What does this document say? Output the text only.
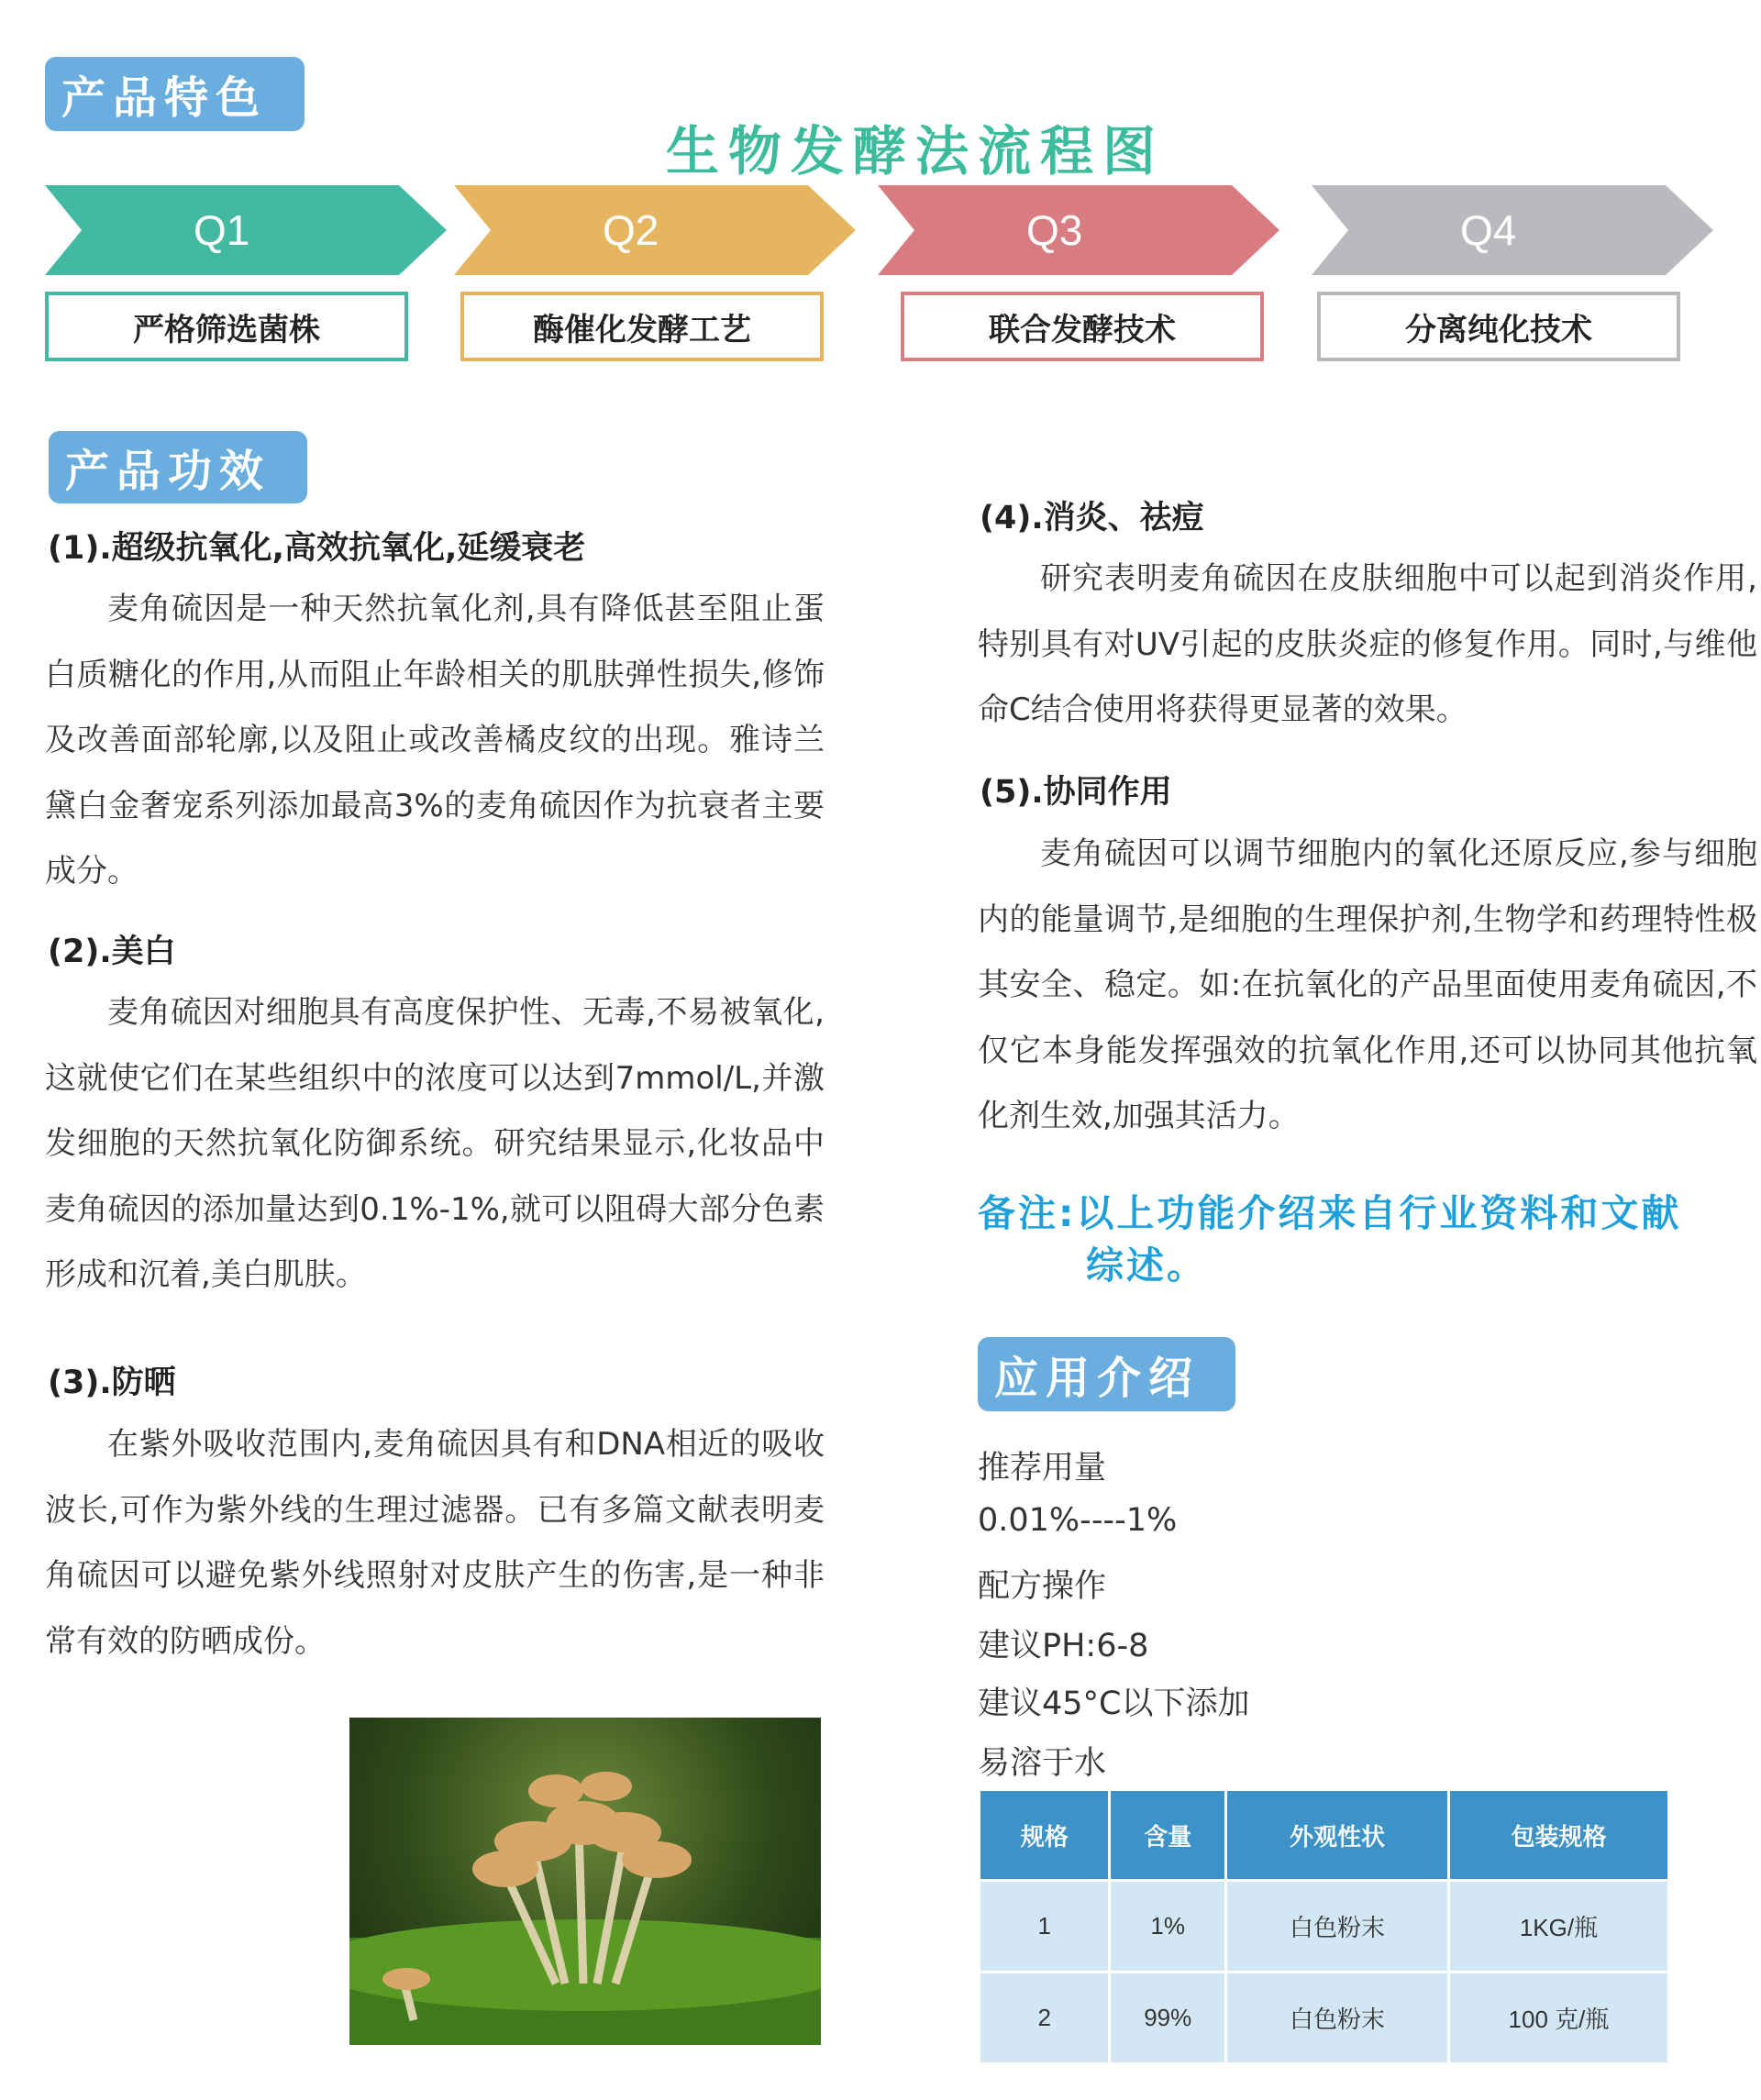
产品特色
生物发酵法流程图
Q1
严格筛选菌株
Q2
酶催化发酵工艺
Q3
联合发酵技术
Q4
分离纯化技术
产品功效
(1).超级抗氧化,高效抗氧化,延缓衰老
麦角硫因是一种天然抗氧化剂,具有降低甚至阻止蛋白质糖化的作用,从而阻止年龄相关的肌肤弹性损失,修饰及改善面部轮廓,以及阻止或改善橘皮纹的出现。雅诗兰黛白金奢宠系列添加最高3%的麦角硫因作为抗衰者主要成分。
(2).美白
麦角硫因对细胞具有高度保护性、无毒,不易被氧化,这就使它们在某些组织中的浓度可以达到7mmol/L,并激发细胞的天然抗氧化防御系统。研究结果显示,化妆品中麦角硫因的添加量达到0.1%-1%,就可以阻碍大部分色素形成和沉着,美白肌肤。
(3).防晒
在紫外吸收范围内,麦角硫因具有和DNA相近的吸收波长,可作为紫外线的生理过滤器。已有多篇文献表明麦角硫因可以避免紫外线照射对皮肤产生的伤害,是一种非常有效的防晒成份。
(4).消炎、祛痘
研究表明麦角硫因在皮肤细胞中可以起到消炎作用,特别具有对UV引起的皮肤炎症的修复作用。同时,与维他命C结合使用将获得更显著的效果。
(5).协同作用
麦角硫因可以调节细胞内的氧化还原反应,参与细胞内的能量调节,是细胞的生理保护剂,生物学和药理特性极其安全、稳定。如:在抗氧化的产品里面使用麦角硫因,不仅它本身能发挥强效的抗氧化作用,还可以协同其他抗氧化剂生效,加强其活力。
备注:以上功能介绍来自行业资料和文献
综述。
应用介绍
推荐用量
0.01%----1%
配方操作
建议PH:6-8
建议45°C以下添加
易溶于水
规格	含量	外观性状	包装规格
1	1%	白色粉末	1KG/瓶
2	99%	白色粉末	100 克/瓶
